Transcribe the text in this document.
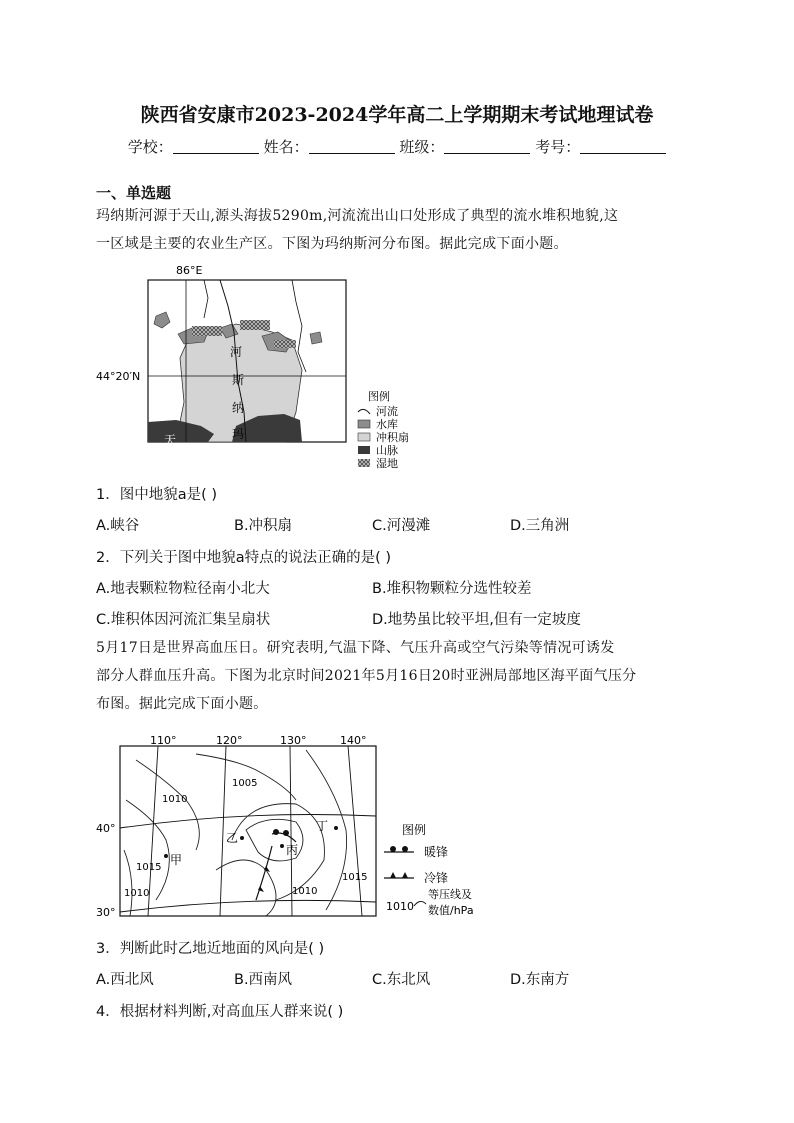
陕西省安康市2023-2024学年高二上学期期末考试地理试卷
学校：	姓名：	班级：	考号：
一、单选题
玛纳斯河源于天山,源头海拔5290m,河流流出山口处形成了典型的流水堆积地貌,这
一区域是主要的农业生产区。下图为玛纳斯河分布图。据此完成下面小题。
86°E
44°20′N
河
斯
纳
玛
天
山
图例
河流
水库
冲积扇
山脉
湿地
1．图中地貌a是( )
A.峡谷	B.冲积扇	C.河漫滩	D.三角洲
2．下列关于图中地貌a特点的说法正确的是( )
A.地表颗粒物粒径南小北大	B.堆积物颗粒分选性较差
C.堆积体因河流汇集呈扇状	D.地势虽比较平坦,但有一定坡度
5月17日是世界高血压日。研究表明,气温下降、气压升高或空气污染等情况可诱发
部分人群血压升高。下图为北京时间2021年5月16日20时亚洲局部地区海平面气压分
布图。据此完成下面小题。
110°	120°	130°	140°
40°
30°
1005
1010
1015
1010	1010
1015
甲
乙
丙
丁	图例
暖锋
冷锋
1010
等压线及
数值/hPa
3．判断此时乙地近地面的风向是( )
A.西北风	B.西南风	C.东北风	D.东南方
4．根据材料判断,对高血压人群来说( )
